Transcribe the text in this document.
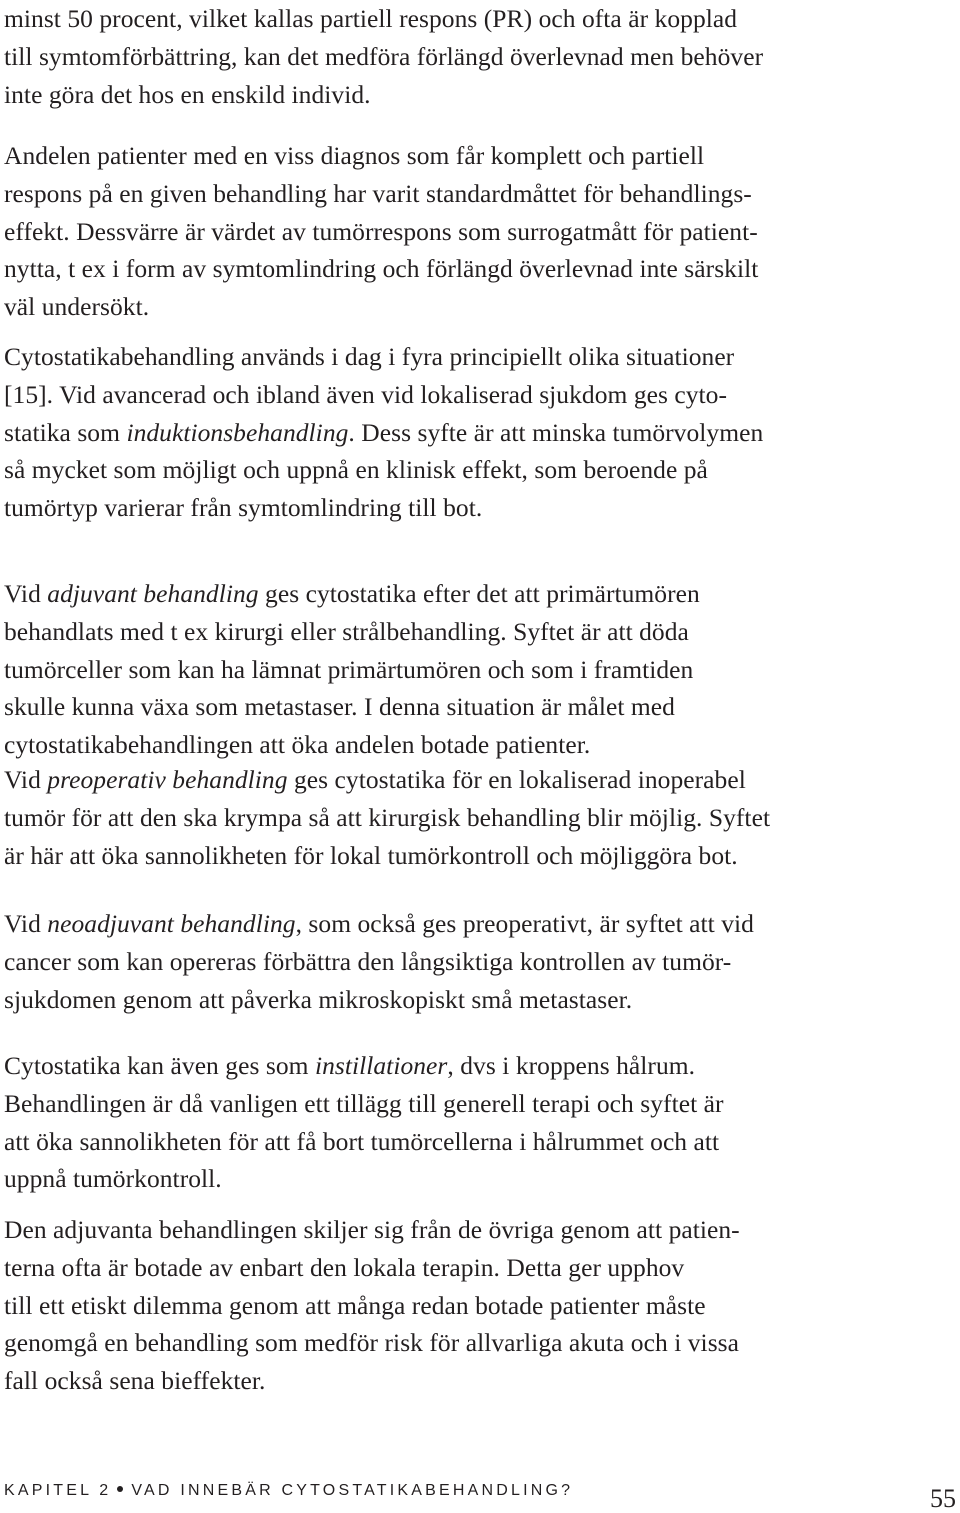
minst 50 procent, vilket kallas partiell respons (PR) och ofta är kopplad
till symtomförbättring, kan det medföra förlängd överlevnad men behöver
inte göra det hos en enskild individ.

Andelen patienter med en viss diagnos som får komplett och partiell
respons på en given behandling har varit standardmåttet för behandlings-
effekt. Dessvärre är värdet av tumörrespons som surrogatmått för patient-
nytta, t ex i form av symtomlindring och förlängd överlevnad inte särskilt
väl undersökt.

Cytostatikabehandling används i dag i fyra principiellt olika situationer
[15]. Vid avancerad och ibland även vid lokaliserad sjukdom ges cyto-
statika som induktionsbehandling. Dess syfte är att minska tumörvolymen
så mycket som möjligt och uppnå en klinisk effekt, som beroende på
tumörtyp varierar från symtomlindring till bot.

Vid adjuvant behandling ges cytostatika efter det att primärtumören
behandlats med t ex kirurgi eller strålbehandling. Syftet är att döda
tumörceller som kan ha lämnat primärtumören och som i framtiden
skulle kunna växa som metastaser. I denna situation är målet med
cytostatikabehandlingen att öka andelen botade patienter.

Vid preoperativ behandling ges cytostatika för en lokaliserad inoperabel
tumör för att den ska krympa så att kirurgisk behandling blir möjlig. Syftet
är här att öka sannolikheten för lokal tumörkontroll och möjliggöra bot.

Vid neoadjuvant behandling, som också ges preoperativt, är syftet att vid
cancer som kan opereras förbättra den långsiktiga kontrollen av tumör-
sjukdomen genom att påverka mikroskopiskt små metastaser.

Cytostatika kan även ges som instillationer, dvs i kroppens hålrum.
Behandlingen är då vanligen ett tillägg till generell terapi och syftet är
att öka sannolikheten för att få bort tumörcellerna i hålrummet och att
uppnå tumörkontroll.

Den adjuvanta behandlingen skiljer sig från de övriga genom att patien-
terna ofta är botade av enbart den lokala terapin. Detta ger upphov
till ett etiskt dilemma genom att många redan botade patienter måste
genomgå en behandling som medför risk för allvarliga akuta och i vissa
fall också sena bieffekter.

KAPITEL 2 VAD INNEBÄR CYTOSTATIKABEHANDLING?	55
